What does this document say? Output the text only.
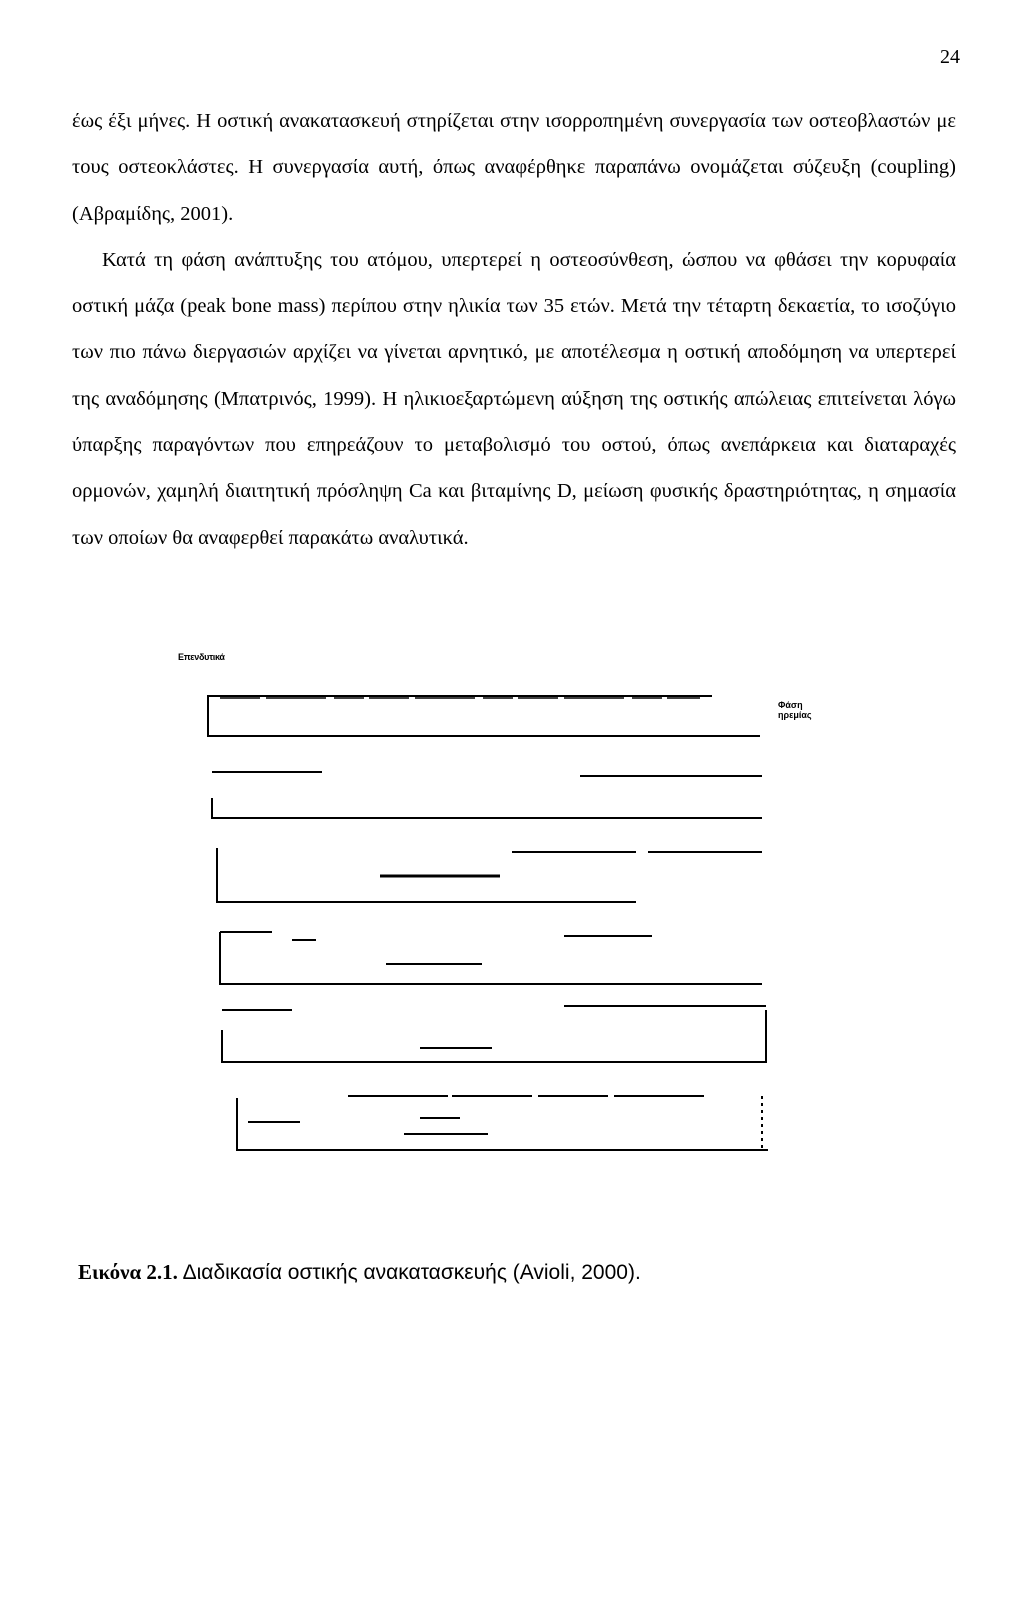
24

έως έξι μήνες. Η οστική ανακατασκευή στηρίζεται στην ισορροπημένη συνεργασία των οστεοβλαστών με τους οστεοκλάστες. Η συνεργασία αυτή, όπως αναφέρθηκε παραπάνω ονομάζεται σύζευξη (coupling) (Αβραμίδης, 2001).

Κατά τη φάση ανάπτυξης του ατόμου, υπερτερεί η οστεοσύνθεση, ώσπου να φθάσει την κορυφαία οστική μάζα (peak bone mass) περίπου στην ηλικία των 35 ετών. Μετά την τέταρτη δεκαετία, το ισοζύγιο των πιο πάνω διεργασιών αρχίζει να γίνεται αρνητικό, με αποτέλεσμα η οστική αποδόμηση να υπερτερεί της αναδόμησης (Μπατρινός, 1999). Η ηλικιοεξαρτώμενη αύξηση της οστικής απώλειας επιτείνεται λόγω ύπαρξης παραγόντων που επηρεάζουν το μεταβολισμό του οστού, όπως ανεπάρκεια και διαταραχές ορμονών, χαμηλή διαιτητική πρόσληψη Ca και βιταμίνης D, μείωση φυσικής δραστηριότητας, η σημασία των οποίων θα αναφερθεί παρακάτω αναλυτικά.

Επενδυτικά
Φάση ηρεμίας
Εικόνα 2.1. Διαδικασία οστικής ανακατασκευής (Avioli, 2000).
